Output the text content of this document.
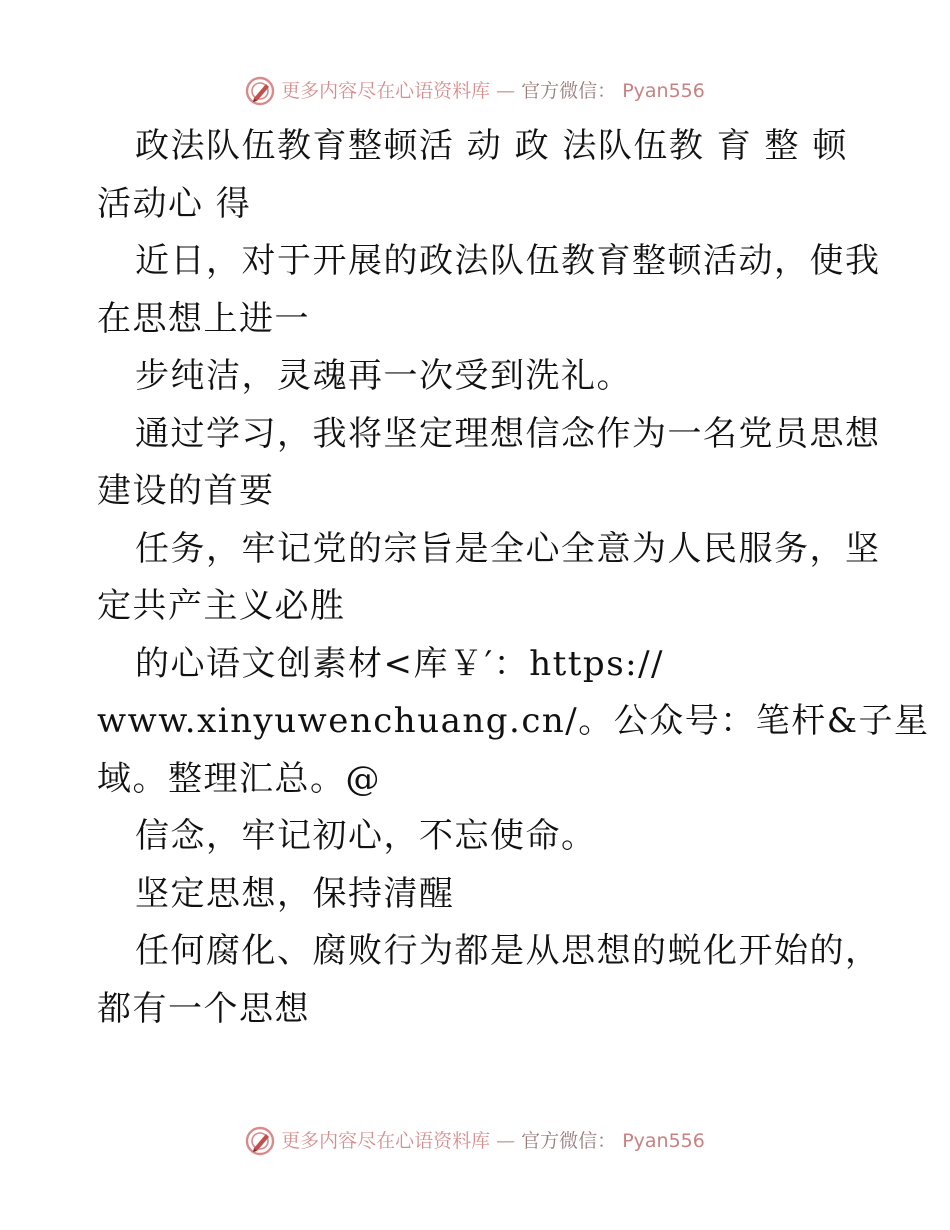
更多内容尽在心语资料库 — 官方微信： Pyan556
政法队伍教育整顿活 动 政 法队伍教 育 整 顿
活动心 得
近日，对于开展的政法队伍教育整顿活动，使我
在思想上进一
步纯洁，灵魂再一次受到洗礼。
通过学习，我将坚定理想信念作为一名党员思想
建设的首要
任务，牢记党的宗旨是全心全意为人民服务，坚
定共产主义必胜
的心语文创素材<库￥′：https://
www.xinyuwenchuang.cn/。公众号：笔杆&子星
域。整理汇总。@
信念，牢记初心，不忘使命。
坚定思想，保持清醒
任何腐化、腐败行为都是从思想的蜕化开始的，
都有一个思想
更多内容尽在心语资料库 — 官方微信： Pyan556
